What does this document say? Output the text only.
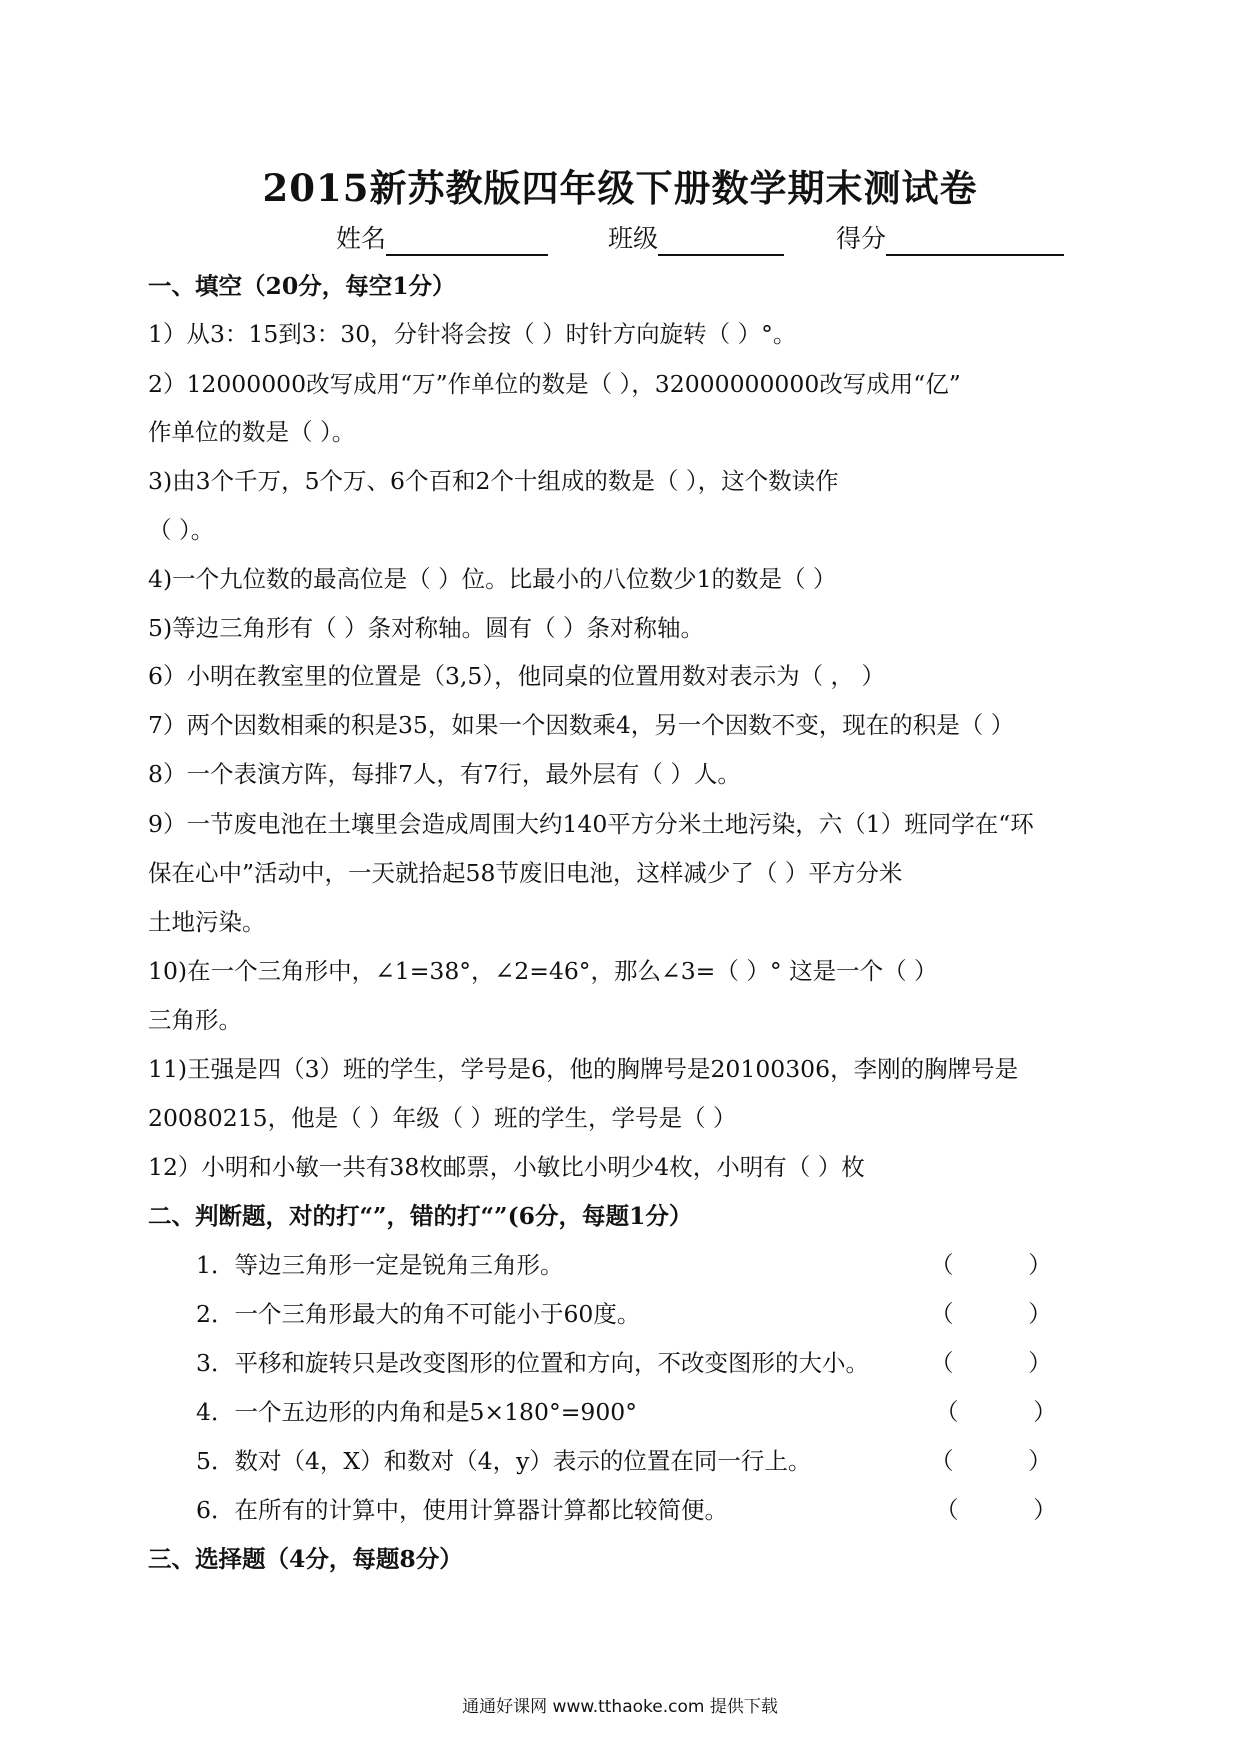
2015新苏教版四年级下册数学期末测试卷
姓名	班级	得分
一、填空（20分，每空1分）
1）从3：15到3：30，分针将会按（ ）时针方向旋转（ ）°。
2）12000000改写成用“万”作单位的数是（ ），32000000000改写成用“亿”
作单位的数是（ ）。
3)由3个千万，5个万、6个百和2个十组成的数是（ ），这个数读作
（ ）。
4)一个九位数的最高位是（ ）位。比最小的八位数少1的数是（ ）
5)等边三角形有（ ）条对称轴。圆有（ ）条对称轴。
6）小明在教室里的位置是（3,5），他同桌的位置用数对表示为（ ， ）
7）两个因数相乘的积是35，如果一个因数乘4，另一个因数不变，现在的积是（ ）
8）一个表演方阵，每排7人，有7行，最外层有（ ）人。
9）一节废电池在土壤里会造成周围大约140平方分米土地污染，六（1）班同学在“环
保在心中”活动中，一天就拾起58节废旧电池，这样减少了（ ）平方分米
土地污染。
10)在一个三角形中，∠1=38°，∠2=46°，那么∠3=（ ）° 这是一个（ ）
三角形。
11)王强是四（3）班的学生，学号是6，他的胸牌号是20100306，李刚的胸牌号是
20080215，他是（ ）年级（ ）班的学生，学号是（ ）
12）小明和小敏一共有38枚邮票，小敏比小明少4枚，小明有（ ）枚
二、判断题，对的打“”，错的打“”(6分，每题1分）
1．等边三角形一定是锐角三角形。	（          ）
2．一个三角形最大的角不可能小于60度。	（          ）
3．平移和旋转只是改变图形的位置和方向，不改变图形的大小。	（          ）
4．一个五边形的内角和是5×180°=900°	（          ）
5．数对（4，X）和数对（4，y）表示的位置在同一行上。	（          ）
6．在所有的计算中，使用计算器计算都比较简便。	（          ）
三、选择题（4分，每题8分）
通通好课网 www.tthaoke.com 提供下载
